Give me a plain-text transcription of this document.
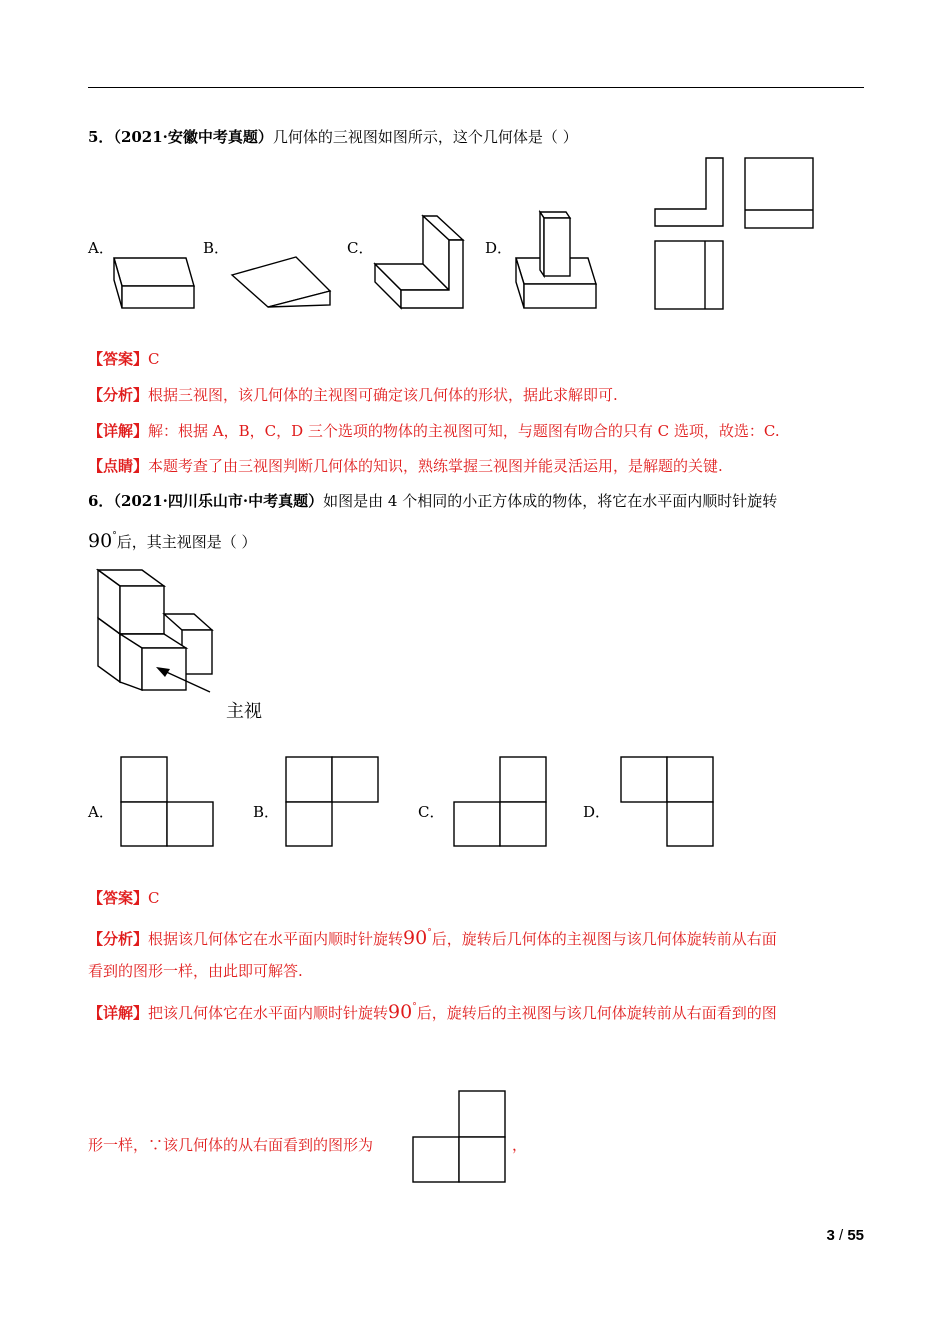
5．（2021·安徽中考真题）几何体的三视图如图所示，这个几何体是（ ）
A．	B．	C．	D．
【答案】C
【分析】根据三视图，该几何体的主视图可确定该几何体的形状，据此求解即可.
【详解】解：根据 A，B，C，D 三个选项的物体的主视图可知，与题图有吻合的只有 C 选项，故选：C.
【点睛】本题考查了由三视图判断几何体的知识，熟练掌握三视图并能灵活运用，是解题的关键.
6．（2021·四川乐山市·中考真题）如图是由 4 个相同的小正方体成的物体，将它在水平面内顺时针旋转
90°后，其主视图是（ ）
主视
A．	B．	C．	D．
【答案】C
【分析】根据该几何体它在水平面内顺时针旋转90°后，旋转后几何体的主视图与该几何体旋转前从右面
看到的图形一样，由此即可解答.
【详解】把该几何体它在水平面内顺时针旋转90°后，旋转后的主视图与该几何体旋转前从右面看到的图
形一样，∵该几何体的从右面看到的图形为	，
3 / 55
